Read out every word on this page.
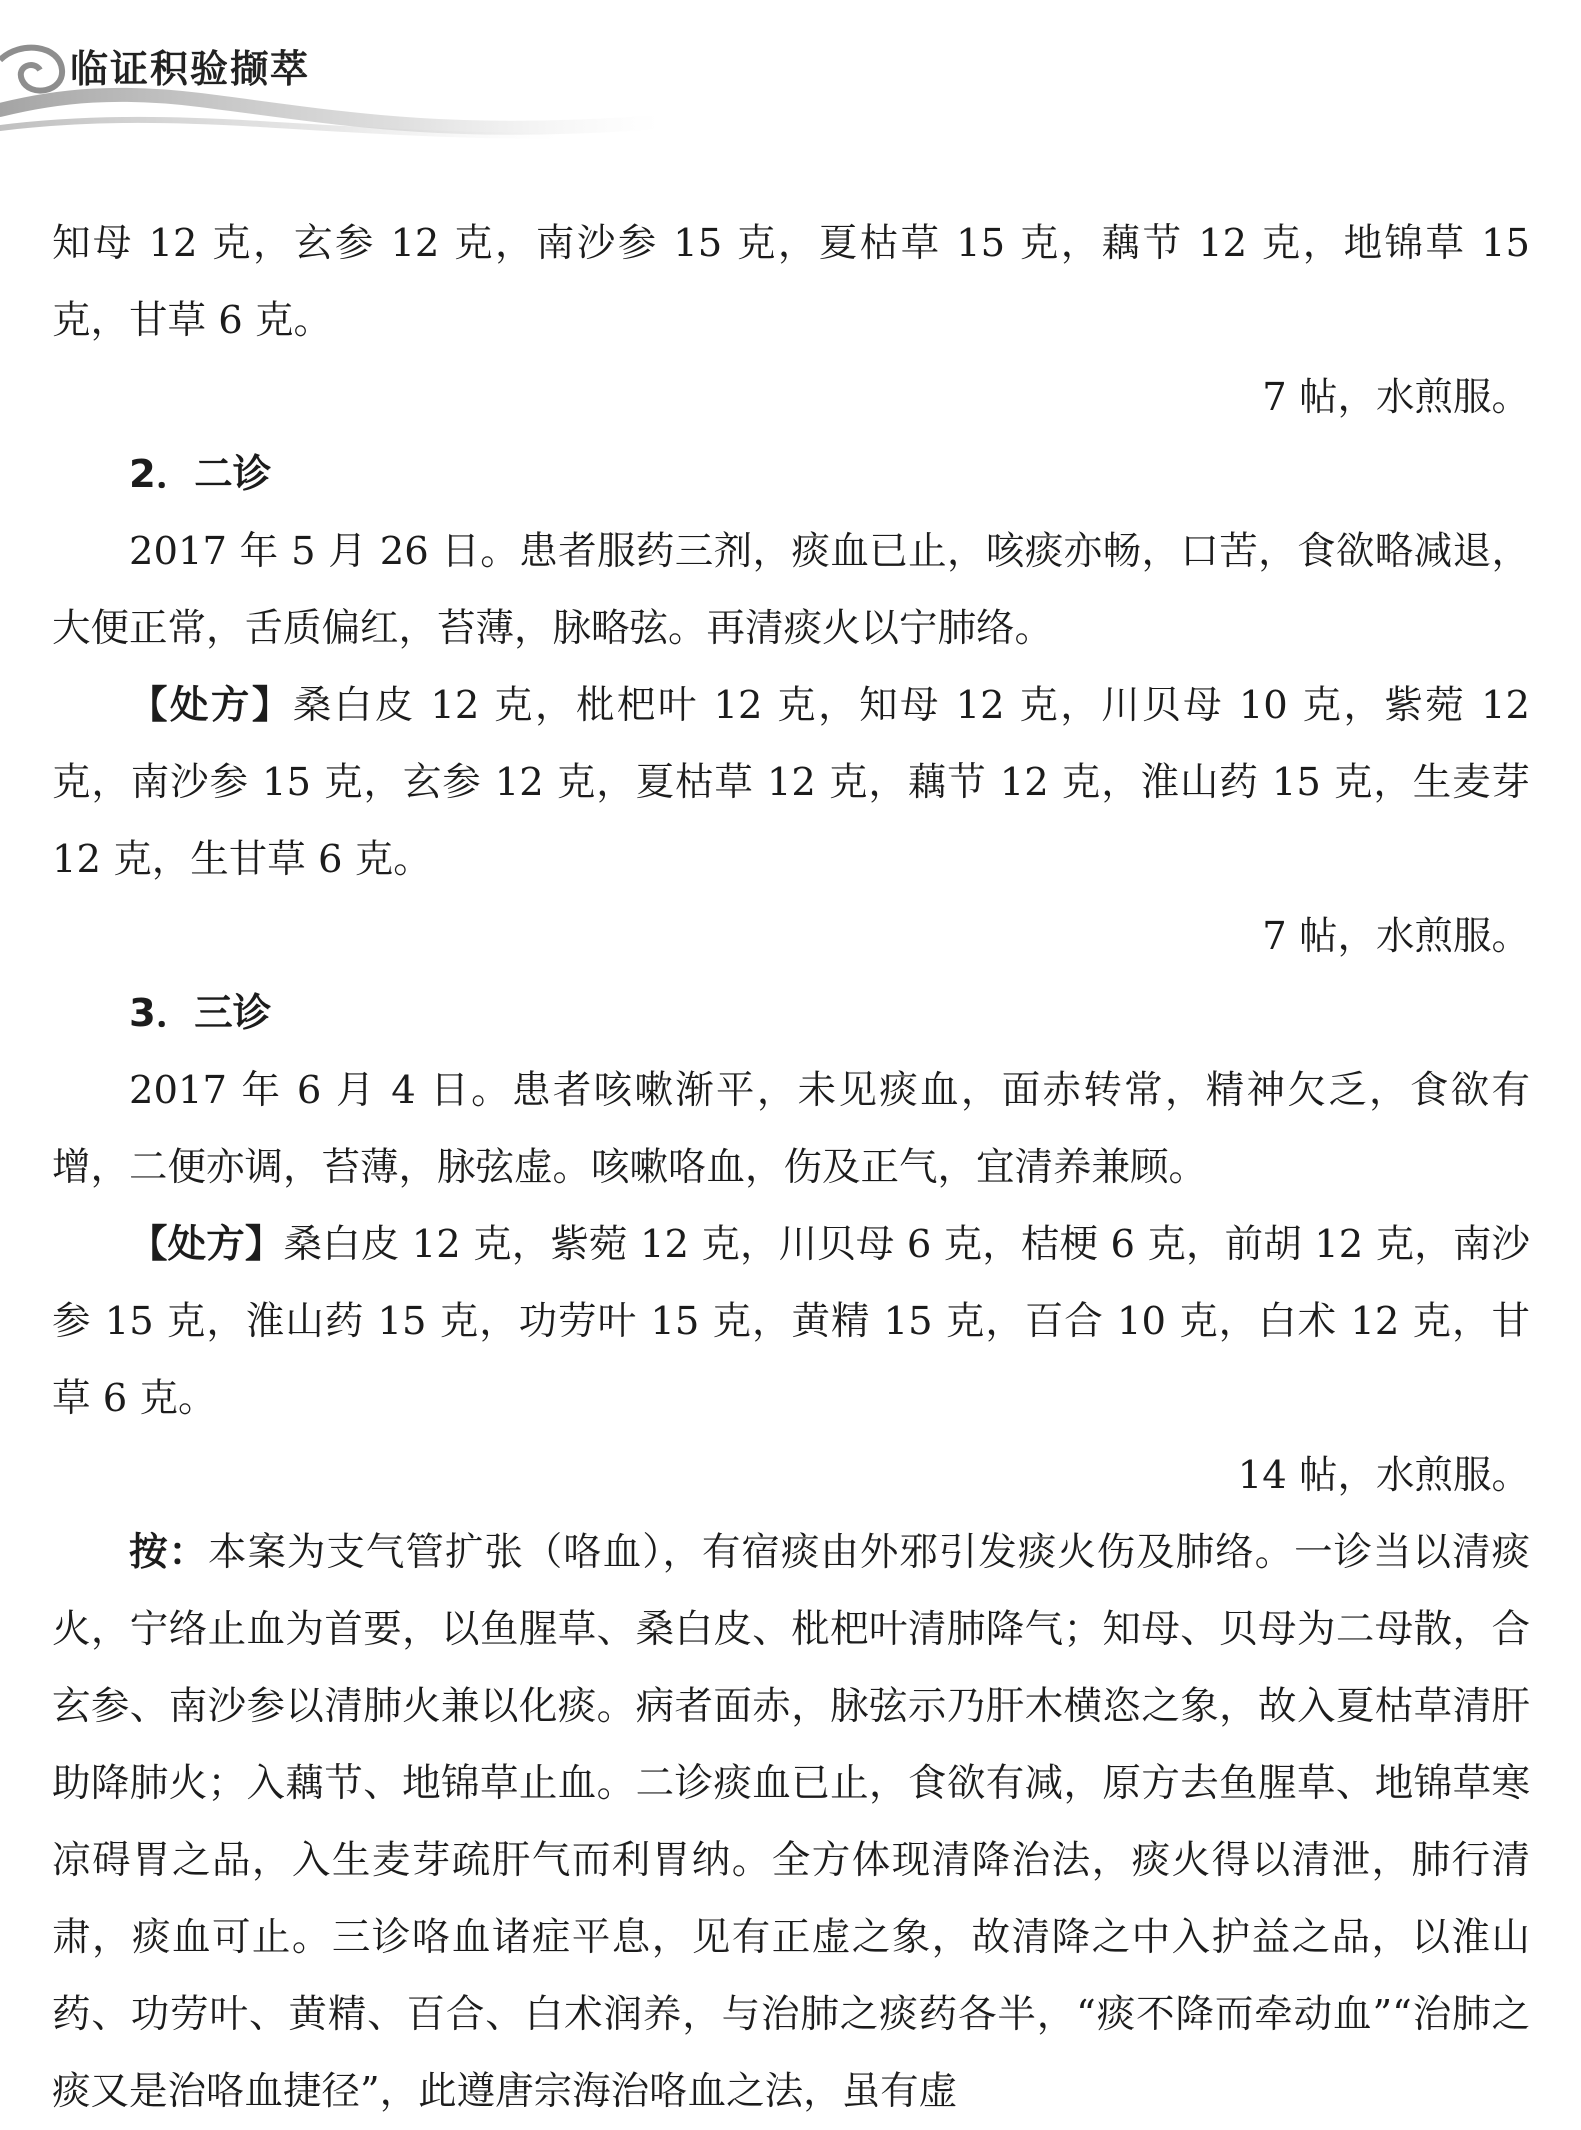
临证积验撷萃

知母 12 克，玄参 12 克，南沙参 15 克，夏枯草 15 克，藕节 12 克，地锦草 15 克，甘草 6 克。

7 帖，水煎服。

2．二诊

2017 年 5 月 26 日。患者服药三剂，痰血已止，咳痰亦畅，口苦，食欲略减退，大便正常，舌质偏红，苔薄，脉略弦。再清痰火以宁肺络。

【处方】桑白皮 12 克，枇杷叶 12 克，知母 12 克，川贝母 10 克，紫菀 12 克，南沙参 15 克，玄参 12 克，夏枯草 12 克，藕节 12 克，淮山药 15 克，生麦芽 12 克，生甘草 6 克。

7 帖，水煎服。

3．三诊

2017 年 6 月 4 日。患者咳嗽渐平，未见痰血，面赤转常，精神欠乏，食欲有增，二便亦调，苔薄，脉弦虚。咳嗽咯血，伤及正气，宜清养兼顾。

【处方】桑白皮 12 克，紫菀 12 克，川贝母 6 克，桔梗 6 克，前胡 12 克，南沙参 15 克，淮山药 15 克，功劳叶 15 克，黄精 15 克，百合 10 克，白术 12 克，甘草 6 克。

14 帖，水煎服。

按：本案为支气管扩张（咯血），有宿痰由外邪引发痰火伤及肺络。一诊当以清痰火，宁络止血为首要，以鱼腥草、桑白皮、枇杷叶清肺降气；知母、贝母为二母散，合玄参、南沙参以清肺火兼以化痰。病者面赤，脉弦示乃肝木横恣之象，故入夏枯草清肝助降肺火；入藕节、地锦草止血。二诊痰血已止，食欲有减，原方去鱼腥草、地锦草寒凉碍胃之品，入生麦芽疏肝气而利胃纳。全方体现清降治法，痰火得以清泄，肺行清肃，痰血可止。三诊咯血诸症平息，见有正虚之象，故清降之中入护益之品，以淮山药、功劳叶、黄精、百合、白术润养，与治肺之痰药各半，“痰不降而牵动血”“治肺之痰又是治咯血捷径”，此遵唐宗海治咯血之法，虽有虚
